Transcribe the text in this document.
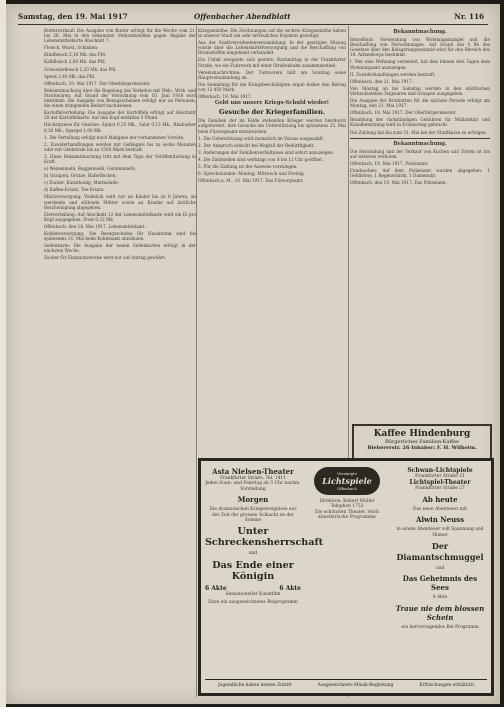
Samstag, den 19. Mai 1917	Offenbacher Abendblatt	Nr. 116

Butterverkauf: Die Ausgabe von Butter erfolgt für die Woche vom 21. bis 26. Mai in den bekannten Verkaufsstellen gegen Abgabe der Lebensmittelkarte Abschnitt 7.

Fleisch, Wurst, Schinken:

Rindfleisch 2,10 Mk. das Pfd.

Kalbfleisch 2,00 Mk. das Pfd.

Schweinefleisch 2,20 Mk. das Pfd.

Speck 2,40 Mk. das Pfd.

Offenbach, 19. Mai 1917. Der Oberbürgermeister.

Bekanntmachung über die Regelung des Verkehrs mit Web-, Wirk- und Strickwaren. Auf Grund der Verordnung vom 10. Juni 1916 wird bestimmt: Die Ausgabe von Bezugsscheinen erfolgt nur an Personen, die einen dringenden Bedarf nachweisen.

Kartoffelverteilung: Die Ausgabe der Kartoffeln erfolgt auf Abschnitt 20 der Kartoffelkarte. Auf den Kopf entfallen 5 Pfund.

Höchstpreise für Gemüse: Spinat 0,25 Mk., Salat 0,15 Mk., Rhabarber 0,20 Mk., Spargel 1,00 Mk.

1. Die Verteilung erfolgt nach Maßgabe der vorhandenen Vorräte.

2. Zuwiderhandlungen werden mit Gefängnis bis zu sechs Monaten oder mit Geldstrafe bis zu 1500 Mark bestraft.

3. Diese Bekanntmachung tritt mit dem Tage der Veröffentlichung in Kraft.

a) Weizenmehl, Roggenmehl, Gerstenmehl;

b) Graupen, Grütze, Haferflocken;

c) Zucker, Kunsthonig, Marmelade;

d) Kaffee-Ersatz, Tee-Ersatz.

Milchversorgung: Vollmilch wird nur an Kinder bis zu 6 Jahren, an werdende und stillende Mütter sowie an Kranke auf ärztliche Bescheinigung abgegeben.

Eierverteilung: Auf Abschnitt 12 der Lebensmittelkarte wird ein Ei pro Kopf ausgegeben. Preis 0,32 Mk.

Offenbach, den 18. Mai 1917. Lebensmittelamt.

Kohlenversorgung: Die Bezugsscheine für Hausbrand sind bis spätestens 31. Mai beim Kohlenamt abzuholen.

Seifenkarte: Die Ausgabe der neuen Seifenkarten erfolgt in der nächsten Woche.

Zucker für Einmachzwecke wird nur auf Antrag gewährt.

Kriegsanleihe: Die Zeichnungen auf die sechste Kriegsanleihe haben in unserer Stadt ein sehr erfreuliches Ergebnis gezeitigt.

Aus der Stadtverordnetenversammlung: In der gestrigen Sitzung wurde über die Lebensmittelversorgung und die Beschaffung von Brennstoffen eingehend verhandelt.

Ein Unfall ereignete sich gestern Nachmittag in der Frankfurter Straße, wo ein Fuhrwerk mit einer Straßenbahn zusammenstieß.

Vereinsnachrichten: Der Turnverein hält am Sonntag seine Hauptversammlung ab.

Die Sammlung für die Kriegsbeschädigten ergab bisher den Betrag von 12 450 Mark.

Offenbach, 19. Mai 1917.

Gebt uns unsere Kriegs-Schuld wieder!
Gesuche der Kriegerfamilien.

Die Familien der im Felde stehenden Krieger werden hierdurch aufgefordert, ihre Gesuche um Unterstützung bis spätestens 25. Mai beim Fürsorgeamt einzureichen.

1. Die Unterstützung wird monatlich im Voraus ausgezahlt.

2. Der Anspruch erlischt bei Wegfall der Bedürftigkeit.

3. Änderungen der Familienverhältnisse sind sofort anzuzeigen.

4. Die Zahlstellen sind werktags von 8 bis 12 Uhr geöffnet.

5. Für die Zahlung ist der Ausweis vorzulegen.

6. Sprechstunden: Montag, Mittwoch und Freitag.

Offenbach a. M., 16. Mai 1917. Das Fürsorgeamt.

Bekanntmachung.

Betreffend: Verwendung von Wohnungsmangel und die Beschaffung von Notwohnungen. Auf Grund des § 9b des Gesetzes über den Belagerungszustand wird für den Bereich des 18. Armeekorps bestimmt.

I. Wer eine Wohnung vermietet, hat dies binnen drei Tagen dem Wohnungsamt anzuzeigen.

II. Zuwiderhandlungen werden bestraft.

Offenbach, den 21. Mai 1917.

Von Montag an bis Samstag werden in den städtischen Verkaufsstellen Teigwaren und Graupen ausgegeben.

Die Ausgabe der Brotkarten für die nächste Periode erfolgt am Montag, den 21. Mai 1917.

Offenbach, 18. Mai 1917. Der Oberbürgermeister.

Bezahlung der rückständigen Gebühren für Müllabfuhr und Kanalbenutzung wird in Erinnerung gebracht.

Die Zahlung hat bis zum 31. Mai bei der Stadtkasse zu erfolgen.

Bekanntmachung.

Die Herstellung und der Verkauf von Kuchen und Torten ist bis auf weiteres verboten.

Offenbach, 19. Mai 1917. Polizeiamt.

Fundsachen: Auf dem Polizeiamt wurden abgegeben: 1 Geldbörse, 1 Regenschirm, 1 Damenuhr.

Offenbach, den 19. Mai 1917. Das Polizeiamt.

Kaffee Hindenburg
Bürgerliches Familien-Kaffee
Biebererstr. 26 Inhaber: F. H. Wilhelm.
Asta Nielsen-Theater
Frankfurter Straße, Tel. 1411
Jeden Sonn- und Feiertag ab 3 Uhr nachm. Vorstellung
Morgen
Die dramatischen Kriegsereignisse aus der Zeit der grossen Schlacht an der Somme
Unter Schreckensherrschaft
und
Das Ende einer Königin
6 Akte	6 Akte
Sensationeller Kunstfilm
Dazu ein ausgezeichnetes Beiprogramm
Vereinigte
Lichtspiele
Offenbach
Direktion: Robert Müller
Telephon 1753
Die schönsten Theater, reich künstlerische Programme
Schwan-Lichtspiele
Frankfurter Straße 21
Lichtspiel-Theater
Frankfurter Straße 27
Ab heute
Das neue Abenteuer mit
Alwin Neuss
in einem Abenteuer voll Spannung und Humor
Der Diamantschmuggel
und
Das Geheimnis des Sees
4 Akte
Traue nie dem blossen Schein
ein hervorragendes Bei-Programm
Jugendliche haben keinen Zutritt	Ausgezeichnete Musik-Begleitung	Erfrischungen erhältlich
